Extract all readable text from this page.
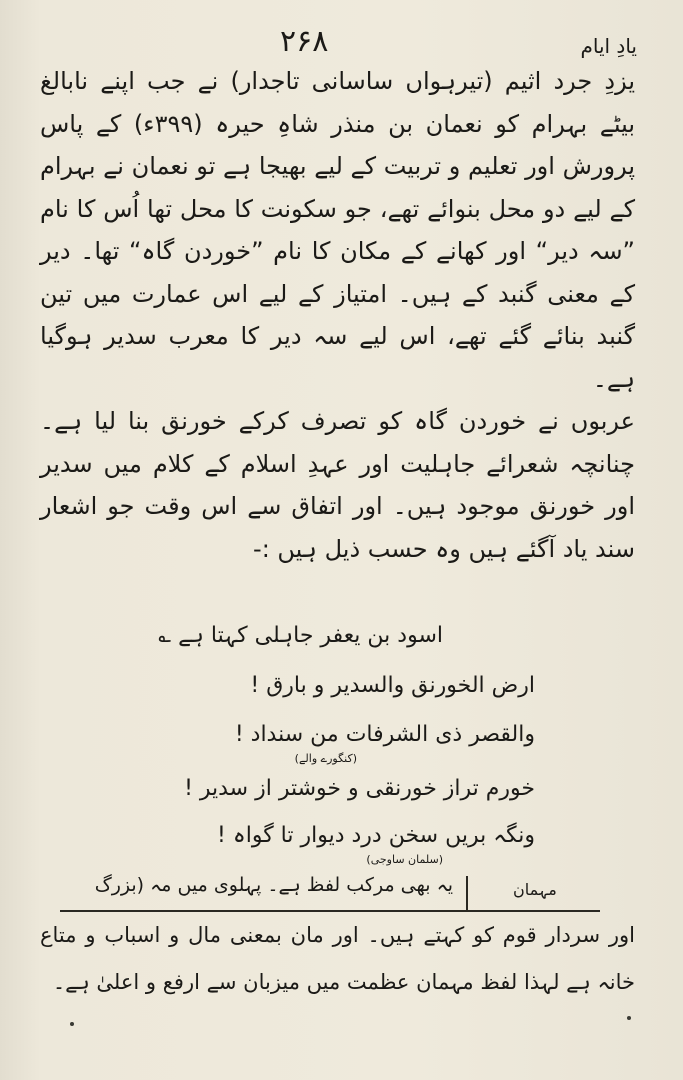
یادِ ایام
۲۶۸

یزدِ جرد اثیم (تیرہواں ساسانی تاجدار) نے جب اپنے نابالغ بیٹے بہرام کو نعمان بن منذر شاہِ حیرہ (۳۹۹ء) کے پاس پرورش اور تعلیم و تربیت کے لیے بھیجا ہے تو نعمان نے بہرام کے لیے دو محل بنوائے تھے، جو سکونت کا محل تھا اُس کا نام ”سہ دیر“ اور کھانے کے مکان کا نام ”خوردن گاہ“ تھا۔ دیر کے معنی گنبد کے ہیں۔ امتیاز کے لیے اس عمارت میں تین گنبد بنائے گئے تھے، اس لیے سہ دیر کا معرب سدیر ہوگیا ہے۔

عربوں نے خوردن گاہ کو تصرف کرکے خورنق بنا لیا ہے۔ چنانچہ شعرائے جاہلیت اور عہدِ اسلام کے کلام میں سدیر اور خورنق موجود ہیں۔ اور اتفاق سے اس وقت جو اشعار سند یاد آگئے ہیں وہ حسب ذیل ہیں :-

اسود بن یعفر جاہلی کہتا ہے ؎
ارض الخورنق والسدیر و بارق !
والقصر ذی الشرفات من سنداد !
(کنگورے والے)
خورم تراز خورنقی و خوشتر از سدیر !
ونگہ بریں سخن درد دیوار تا گواہ !
(سلمان ساوجی)
مہمان
یہ بھی مرکب لفظ ہے۔ پہلوی میں مہ (بزرگ

اور سردار قوم کو کہتے ہیں۔ اور مان بمعنی مال و اسباب و متاع خانہ ہے لہذا لفظ مہمان عظمت میں میزبان سے ارفع و اعلیٰ ہے۔
